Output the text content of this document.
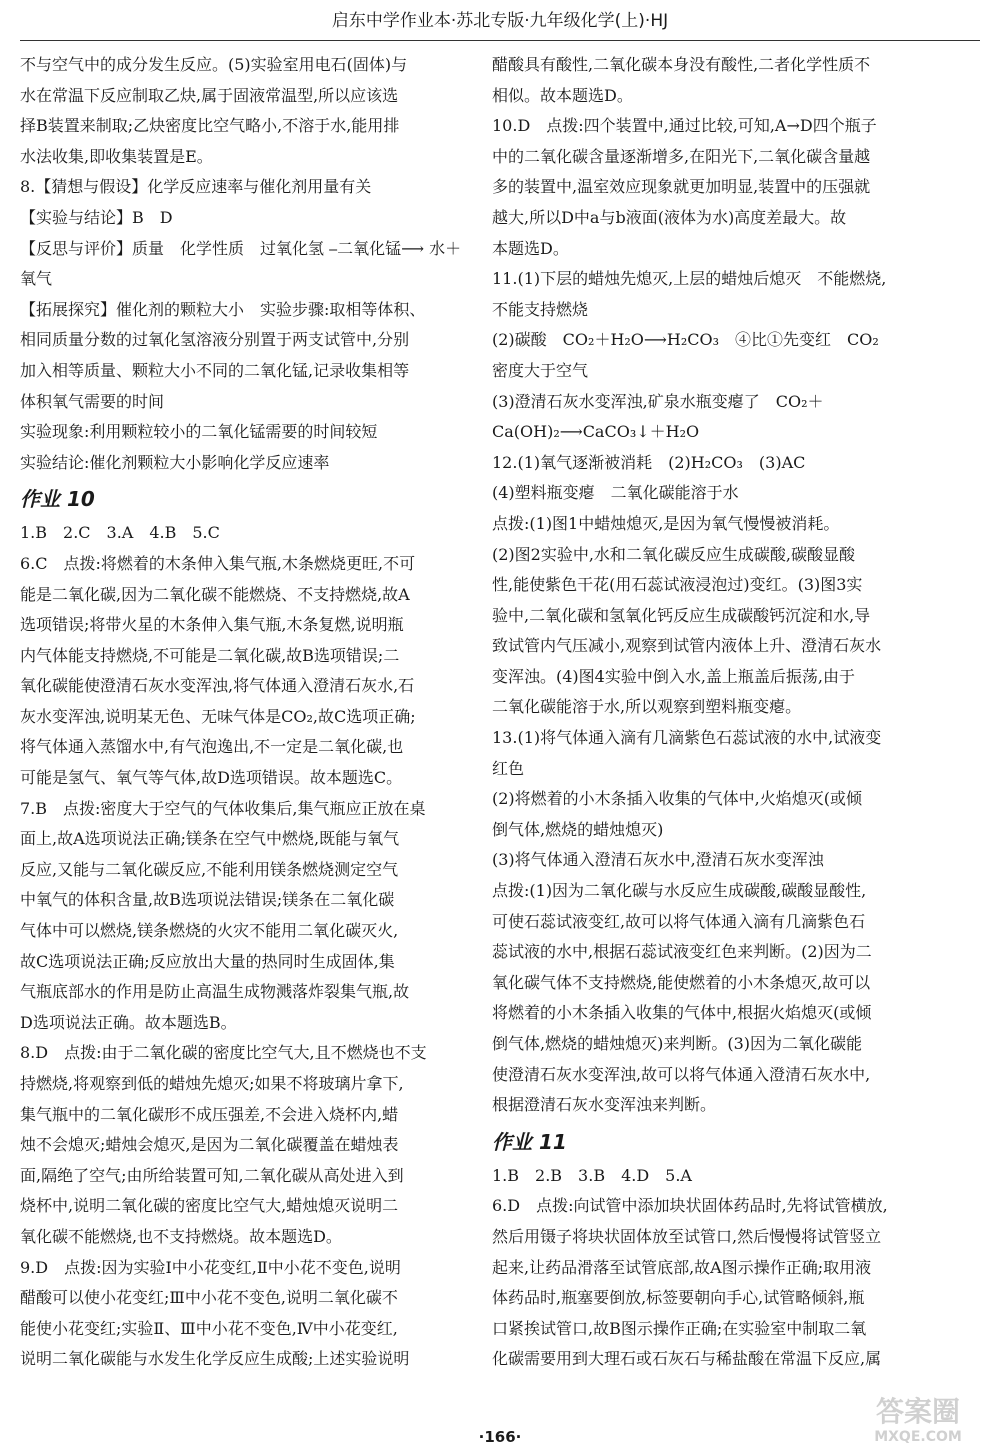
启东中学作业本·苏北专版·九年级化学(上)·HJ
不与空气中的成分发生反应。(5)实验室用电石(固体)与
水在常温下反应制取乙炔,属于固液常温型,所以应该选
择B装置来制取;乙炔密度比空气略小,不溶于水,能用排
水法收集,即收集装置是E。
8.【猜想与假设】化学反应速率与催化剂用量有关
【实验与结论】B　D
【反思与评价】质量　化学性质　过氧化氢 ⎯二氧化锰⟶ 水＋
氧气
【拓展探究】催化剂的颗粒大小　实验步骤:取相等体积、
相同质量分数的过氧化氢溶液分别置于两支试管中,分别
加入相等质量、颗粒大小不同的二氧化锰,记录收集相等
体积氧气需要的时间
实验现象:利用颗粒较小的二氧化锰需要的时间较短
实验结论:催化剂颗粒大小影响化学反应速率
作业 10
1.B　2.C　3.A　4.B　5.C
6.C　点拨:将燃着的木条伸入集气瓶,木条燃烧更旺,不可
能是二氧化碳,因为二氧化碳不能燃烧、不支持燃烧,故A
选项错误;将带火星的木条伸入集气瓶,木条复燃,说明瓶
内气体能支持燃烧,不可能是二氧化碳,故B选项错误;二
氧化碳能使澄清石灰水变浑浊,将气体通入澄清石灰水,石
灰水变浑浊,说明某无色、无味气体是CO₂,故C选项正确;
将气体通入蒸馏水中,有气泡逸出,不一定是二氧化碳,也
可能是氢气、氧气等气体,故D选项错误。故本题选C。
7.B　点拨:密度大于空气的气体收集后,集气瓶应正放在桌
面上,故A选项说法正确;镁条在空气中燃烧,既能与氧气
反应,又能与二氧化碳反应,不能利用镁条燃烧测定空气
中氧气的体积含量,故B选项说法错误;镁条在二氧化碳
气体中可以燃烧,镁条燃烧的火灾不能用二氧化碳灭火,
故C选项说法正确;反应放出大量的热同时生成固体,集
气瓶底部水的作用是防止高温生成物溅落炸裂集气瓶,故
D选项说法正确。故本题选B。
8.D　点拨:由于二氧化碳的密度比空气大,且不燃烧也不支
持燃烧,将观察到低的蜡烛先熄灭;如果不将玻璃片拿下,
集气瓶中的二氧化碳形不成压强差,不会进入烧杯内,蜡
烛不会熄灭;蜡烛会熄灭,是因为二氧化碳覆盖在蜡烛表
面,隔绝了空气;由所给装置可知,二氧化碳从高处进入到
烧杯中,说明二氧化碳的密度比空气大,蜡烛熄灭说明二
氧化碳不能燃烧,也不支持燃烧。故本题选D。
9.D　点拨:因为实验Ⅰ中小花变红,Ⅱ中小花不变色,说明
醋酸可以使小花变红;Ⅲ中小花不变色,说明二氧化碳不
能使小花变红;实验Ⅱ、Ⅲ中小花不变色,Ⅳ中小花变红,
说明二氧化碳能与水发生化学反应生成酸;上述实验说明
醋酸具有酸性,二氧化碳本身没有酸性,二者化学性质不
相似。故本题选D。
10.D　点拨:四个装置中,通过比较,可知,A→D四个瓶子
中的二氧化碳含量逐渐增多,在阳光下,二氧化碳含量越
多的装置中,温室效应现象就更加明显,装置中的压强就
越大,所以D中a与b液面(液体为水)高度差最大。故
本题选D。
11.(1)下层的蜡烛先熄灭,上层的蜡烛后熄灭　不能燃烧,
不能支持燃烧
(2)碳酸　CO₂＋H₂O⟶H₂CO₃　④比①先变红　CO₂
密度大于空气
(3)澄清石灰水变浑浊,矿泉水瓶变瘪了　CO₂＋
Ca(OH)₂⟶CaCO₃↓＋H₂O
12.(1)氧气逐渐被消耗　(2)H₂CO₃　(3)AC
(4)塑料瓶变瘪　二氧化碳能溶于水
点拨:(1)图1中蜡烛熄灭,是因为氧气慢慢被消耗。
(2)图2实验中,水和二氧化碳反应生成碳酸,碳酸显酸
性,能使紫色干花(用石蕊试液浸泡过)变红。(3)图3实
验中,二氧化碳和氢氧化钙反应生成碳酸钙沉淀和水,导
致试管内气压减小,观察到试管内液体上升、澄清石灰水
变浑浊。(4)图4实验中倒入水,盖上瓶盖后振荡,由于
二氧化碳能溶于水,所以观察到塑料瓶变瘪。
13.(1)将气体通入滴有几滴紫色石蕊试液的水中,试液变
红色
(2)将燃着的小木条插入收集的气体中,火焰熄灭(或倾
倒气体,燃烧的蜡烛熄灭)
(3)将气体通入澄清石灰水中,澄清石灰水变浑浊
点拨:(1)因为二氧化碳与水反应生成碳酸,碳酸显酸性,
可使石蕊试液变红,故可以将气体通入滴有几滴紫色石
蕊试液的水中,根据石蕊试液变红色来判断。(2)因为二
氧化碳气体不支持燃烧,能使燃着的小木条熄灭,故可以
将燃着的小木条插入收集的气体中,根据火焰熄灭(或倾
倒气体,燃烧的蜡烛熄灭)来判断。(3)因为二氧化碳能
使澄清石灰水变浑浊,故可以将气体通入澄清石灰水中,
根据澄清石灰水变浑浊来判断。
作业 11
1.B　2.B　3.B　4.D　5.A
6.D　点拨:向试管中添加块状固体药品时,先将试管横放,
然后用镊子将块状固体放至试管口,然后慢慢将试管竖立
起来,让药品滑落至试管底部,故A图示操作正确;取用液
体药品时,瓶塞要倒放,标签要朝向手心,试管略倾斜,瓶
口紧挨试管口,故B图示操作正确;在实验室中制取二氧
化碳需要用到大理石或石灰石与稀盐酸在常温下反应,属
答案圈
MXQE.COM
·166·
